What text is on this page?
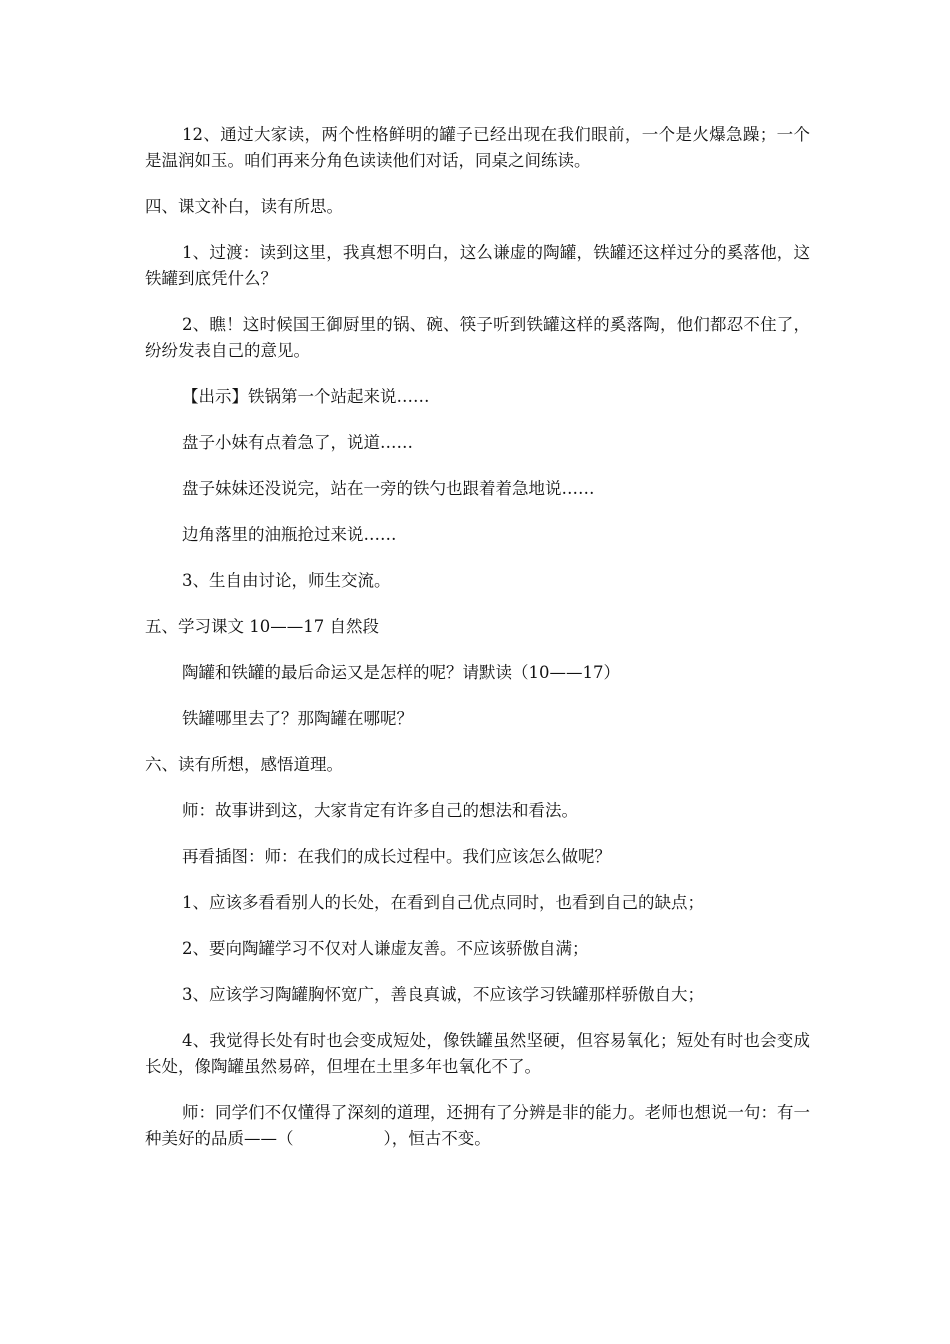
12、通过大家读，两个性格鲜明的罐子已经出现在我们眼前，一个是火爆急躁；一个是温润如玉。咱们再来分角色读读他们对话，同桌之间练读。

四、课文补白，读有所思。

1、过渡：读到这里，我真想不明白，这么谦虚的陶罐，铁罐还这样过分的奚落他，这铁罐到底凭什么？

2、瞧！这时候国王御厨里的锅、碗、筷子听到铁罐这样的奚落陶，他们都忍不住了，纷纷发表自己的意见。

【出示】铁锅第一个站起来说……

盘子小妹有点着急了，说道……

盘子妹妹还没说完，站在一旁的铁勺也跟着着急地说……

边角落里的油瓶抢过来说……

3、生自由讨论，师生交流。

五、学习课文 10——17 自然段

陶罐和铁罐的最后命运又是怎样的呢？请默读（10——17）

铁罐哪里去了？那陶罐在哪呢？

六、读有所想，感悟道理。

师：故事讲到这，大家肯定有许多自己的想法和看法。

再看插图：师：在我们的成长过程中。我们应该怎么做呢？

1、应该多看看别人的长处，在看到自己优点同时，也看到自己的缺点；

2、要向陶罐学习不仅对人谦虚友善。不应该骄傲自满；

3、应该学习陶罐胸怀宽广，善良真诚，不应该学习铁罐那样骄傲自大；

4、我觉得长处有时也会变成短处，像铁罐虽然坚硬，但容易氧化；短处有时也会变成长处，像陶罐虽然易碎，但埋在土里多年也氧化不了。

师：同学们不仅懂得了深刻的道理，还拥有了分辨是非的能力。老师也想说一句：有一种美好的品质——（	），恒古不变。
